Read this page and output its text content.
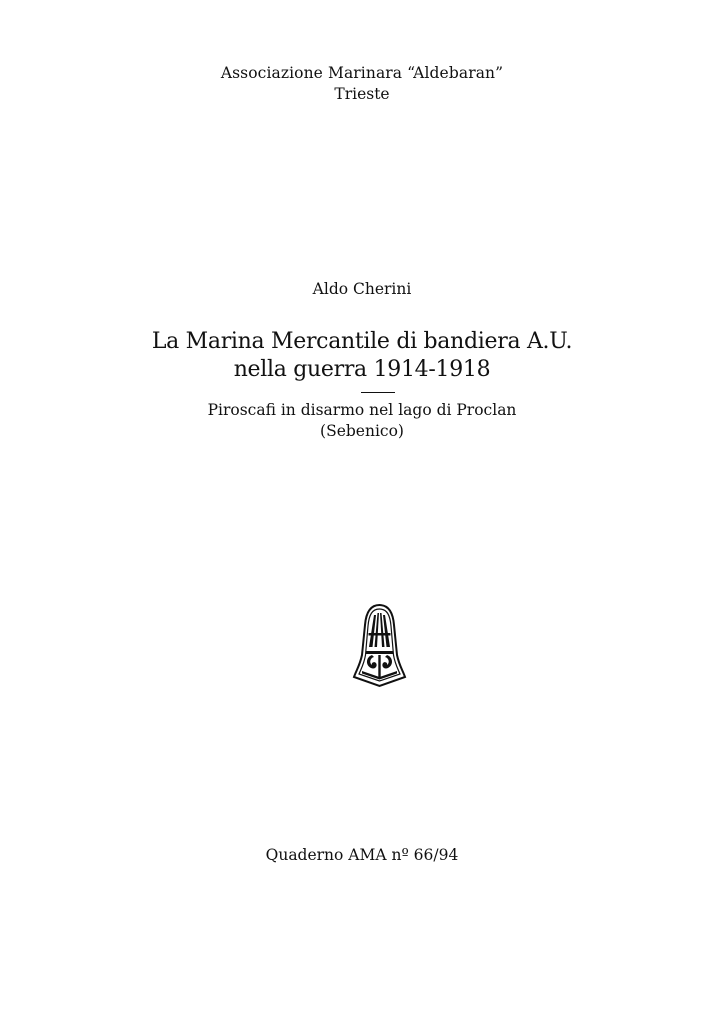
Associazione Marinara “Aldebaran”
Trieste
Aldo Cherini
La Marina Mercantile di bandiera A.U.
nella guerra 1914-1918
Piroscafi in disarmo nel lago di Proclan
(Sebenico)
Quaderno AMA nº 66/94
